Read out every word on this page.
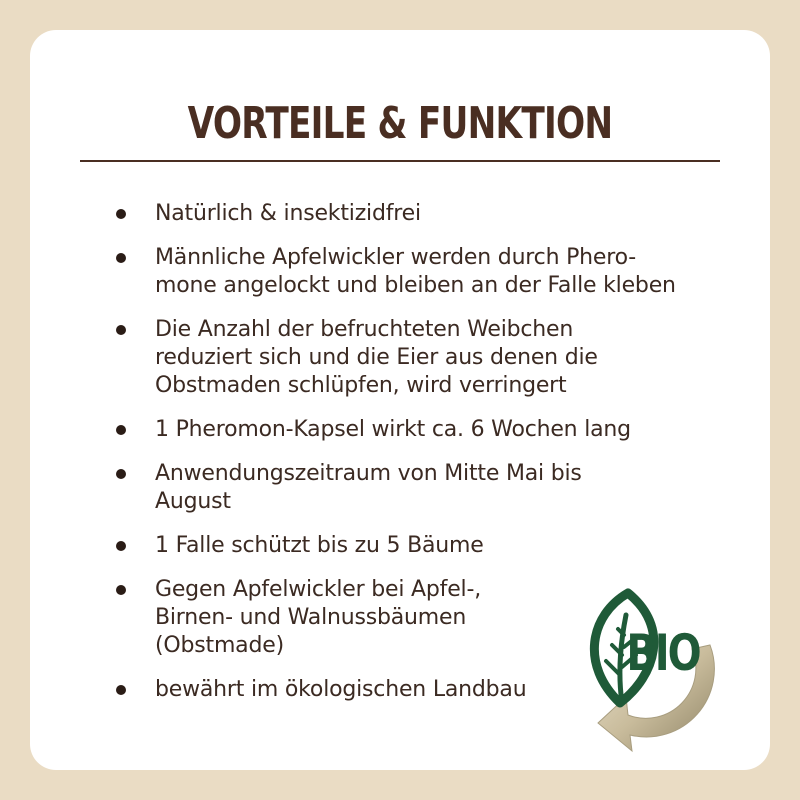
VORTEILE & FUNKTION
Natürlich & insektizidfrei
Männliche Apfelwickler werden durch Phero-
mone angelockt und bleiben an der Falle kleben
Die Anzahl der befruchteten Weibchen
reduziert sich und die Eier aus denen die
Obstmaden schlüpfen, wird verringert
1 Pheromon-Kapsel wirkt ca. 6 Wochen lang
Anwendungszeitraum von Mitte Mai bis
August
1 Falle schützt bis zu 5 Bäume
Gegen Apfelwickler bei Apfel-,
Birnen- und Walnussbäumen
(Obstmade)
bewährt im ökologischen Landbau
BIO
